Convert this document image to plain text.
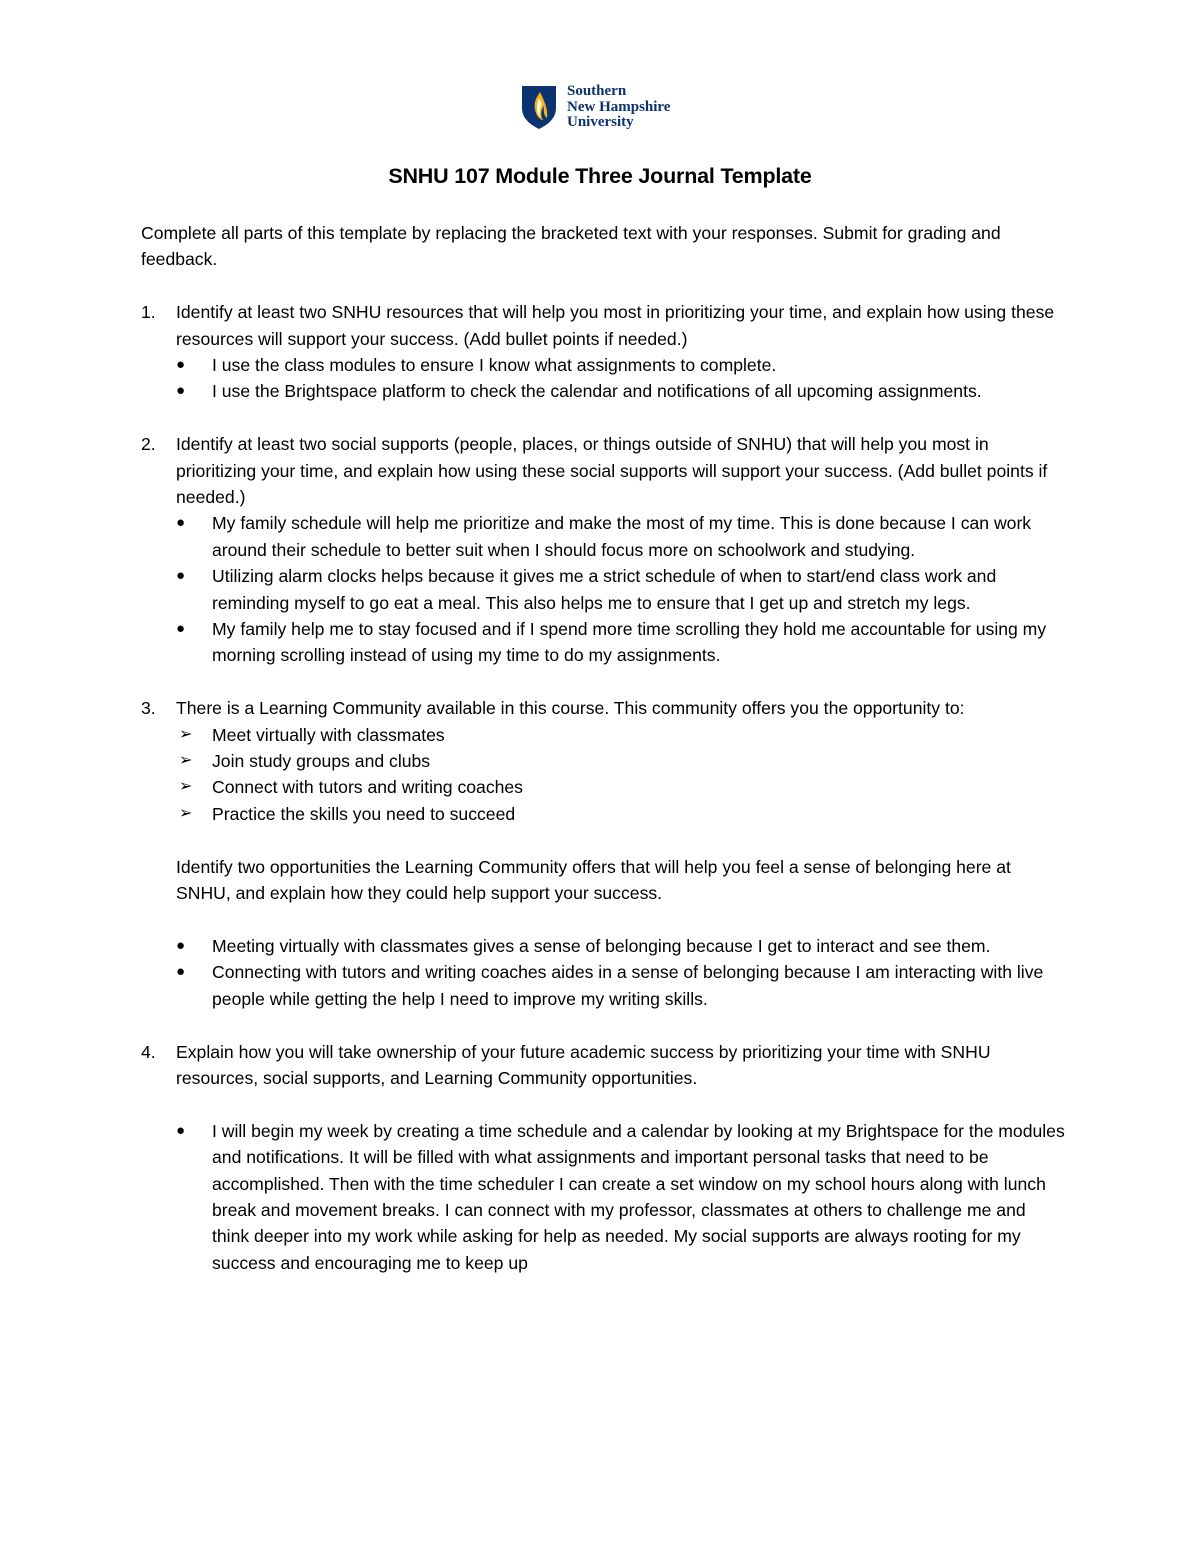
Southern
New Hampshire
University
SNHU 107 Module Three Journal Template

Complete all parts of this template by replacing the bracketed text with your responses. Submit for grading and feedback.

1. Identify at least two SNHU resources that will help you most in prioritizing your time, and explain how using these resources will support your success. (Add bullet points if needed.)

● I use the class modules to ensure I know what assignments to complete.
● I use the Brightspace platform to check the calendar and notifications of all upcoming assignments.
2. Identify at least two social supports (people, places, or things outside of SNHU) that will help you most in prioritizing your time, and explain how using these social supports will support your success. (Add bullet points if needed.)

● My family schedule will help me prioritize and make the most of my time. This is done because I can work around their schedule to better suit when I should focus more on schoolwork and studying.
● Utilizing alarm clocks helps because it gives me a strict schedule of when to start/end class work and reminding myself to go eat a meal. This also helps me to ensure that I get up and stretch my legs.
● My family help me to stay focused and if I spend more time scrolling they hold me accountable for using my morning scrolling instead of using my time to do my assignments.
3. There is a Learning Community available in this course. This community offers you the opportunity to:

➢ Meet virtually with classmates
➢ Join study groups and clubs
➢ Connect with tutors and writing coaches
➢ Practice the skills you need to succeed

Identify two opportunities the Learning Community offers that will help you feel a sense of belonging here at SNHU, and explain how they could help support your success.

● Meeting virtually with classmates gives a sense of belonging because I get to interact and see them.
● Connecting with tutors and writing coaches aides in a sense of belonging because I am interacting with live people while getting the help I need to improve my writing skills.
4. Explain how you will take ownership of your future academic success by prioritizing your time with SNHU resources, social supports, and Learning Community opportunities.

● I will begin my week by creating a time schedule and a calendar by looking at my Brightspace for the modules and notifications. It will be filled with what assignments and important personal tasks that need to be accomplished. Then with the time scheduler I can create a set window on my school hours along with lunch break and movement breaks. I can connect with my professor, classmates at others to challenge me and think deeper into my work while asking for help as needed. My social supports are always rooting for my success and encouraging me to keep up
